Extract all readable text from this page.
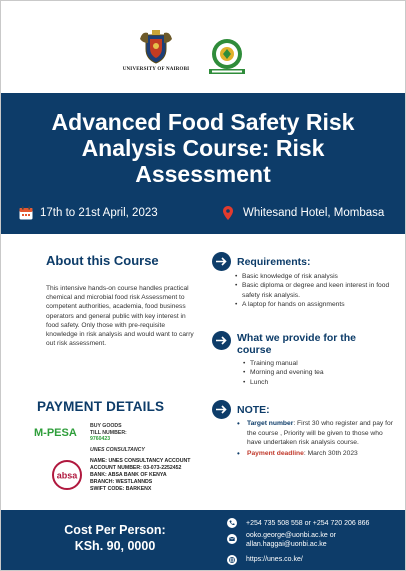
UNIVERSITY OF NAIROBI
Advanced Food Safety Risk Analysis Course: Risk Assessment
17th to 21st April, 2023	Whitesand Hotel, Mombasa
About this Course
This intensive hands-on course handles practical chemical and microbial food risk Assessment to competent authorities, academia, food business operators and general public with key interest in food safety. Only those with pre-requisite knowledge in risk analysis and would want to carry out risk assessment.
Requirements:
• Basic knowledge of risk analysis
• Basic diploma or degree and keen interest in food safety risk analysis.
• A laptop for hands on assignments
What we provide for the course
• Training manual
• Morning and evening tea
• Lunch
NOTE:
• Target number: First 30 who register and pay for the course , Priority will be given to those who have undertaken risk analysis course.
• Payment deadline: March 30th 2023
PAYMENT DETAILS
M-PESA
BUY GOODS
TILL NUMBER:
9760423
UNES CONSULTANCY
absa
NAME: UNES CONSULTANCY ACCOUNT
ACCOUNT NUMBER: 03-073-2252452
BANK: ABSA BANK OF KENYA
BRANCH: WESTLANNDS
SWIFT CODE: BARKENX
Cost Per Person:
KSh. 90, 0000
CONTACT: Dr. George Ooko Abong' or Allan Haggai
+254 735 508 558 or +254 720 206 866
ooko.george@uonbi.ac.ke or
allan.haggai@uonbi.ac.ke
https://unes.co.ke/
